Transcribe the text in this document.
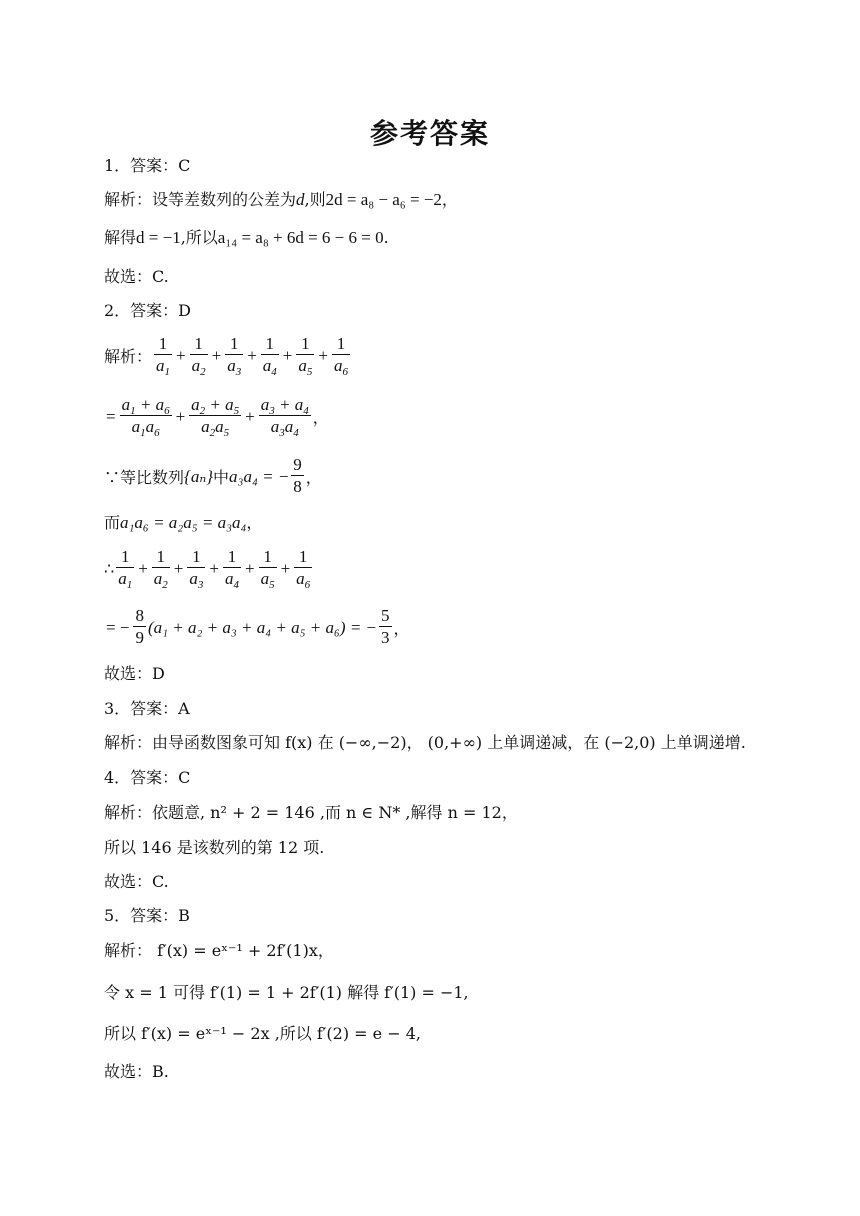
参考答案
1．答案：C
解析：设等差数列的公差为d,则2d = a₈ − a₆ = −2，
解得d = −1,所以a₁₄ = a₈ + 6d = 6 − 6 = 0.
故选：C.
2．答案：D
解析： $\frac{1}{a_1} + \frac{1}{a_2} + \frac{1}{a_3} + \frac{1}{a_4} + \frac{1}{a_5} + \frac{1}{a_6}$
= $\frac{a_1 + a_6}{a_1a_6} + \frac{a_2 + a_5}{a_2a_5} + \frac{a_3 + a_4}{a_3a_4}$ ，
∵等比数列 {aₙ} 中 a₃a₄ = − $\frac{9}{8}$ ，
而a₁a₆ = a₂a₅ = a₃a₄，
∴ $\frac{1}{a_1} + \frac{1}{a_2} + \frac{1}{a_3} + \frac{1}{a_4} + \frac{1}{a_5} + \frac{1}{a_6}$
= − $\frac{8}{9} (a_1 + a_2 + a_3 + a_4 + a_5 + a_6)$ = − $\frac{5}{3}$ ，
故选：D
3．答案：A
解析：由导函数图象可知 f(x) 在 (−∞,−2)， (0,+∞) 上单调递减，在 (−2,0) 上单调递增.
4．答案：C
解析：依题意, n² + 2 = 146 ,而 n ∈ N* ,解得 n = 12，
所以 146 是该数列的第 12 项.
故选：C.
5．答案：B
解析： f′(x) = eˣ⁻¹ + 2f′(1)x，
令 x = 1 可得 f′(1) = 1 + 2f′(1) 解得 f′(1) = −1,
所以 f′(x) = eˣ⁻¹ − 2x ,所以 f′(2) = e − 4,
故选：B.
